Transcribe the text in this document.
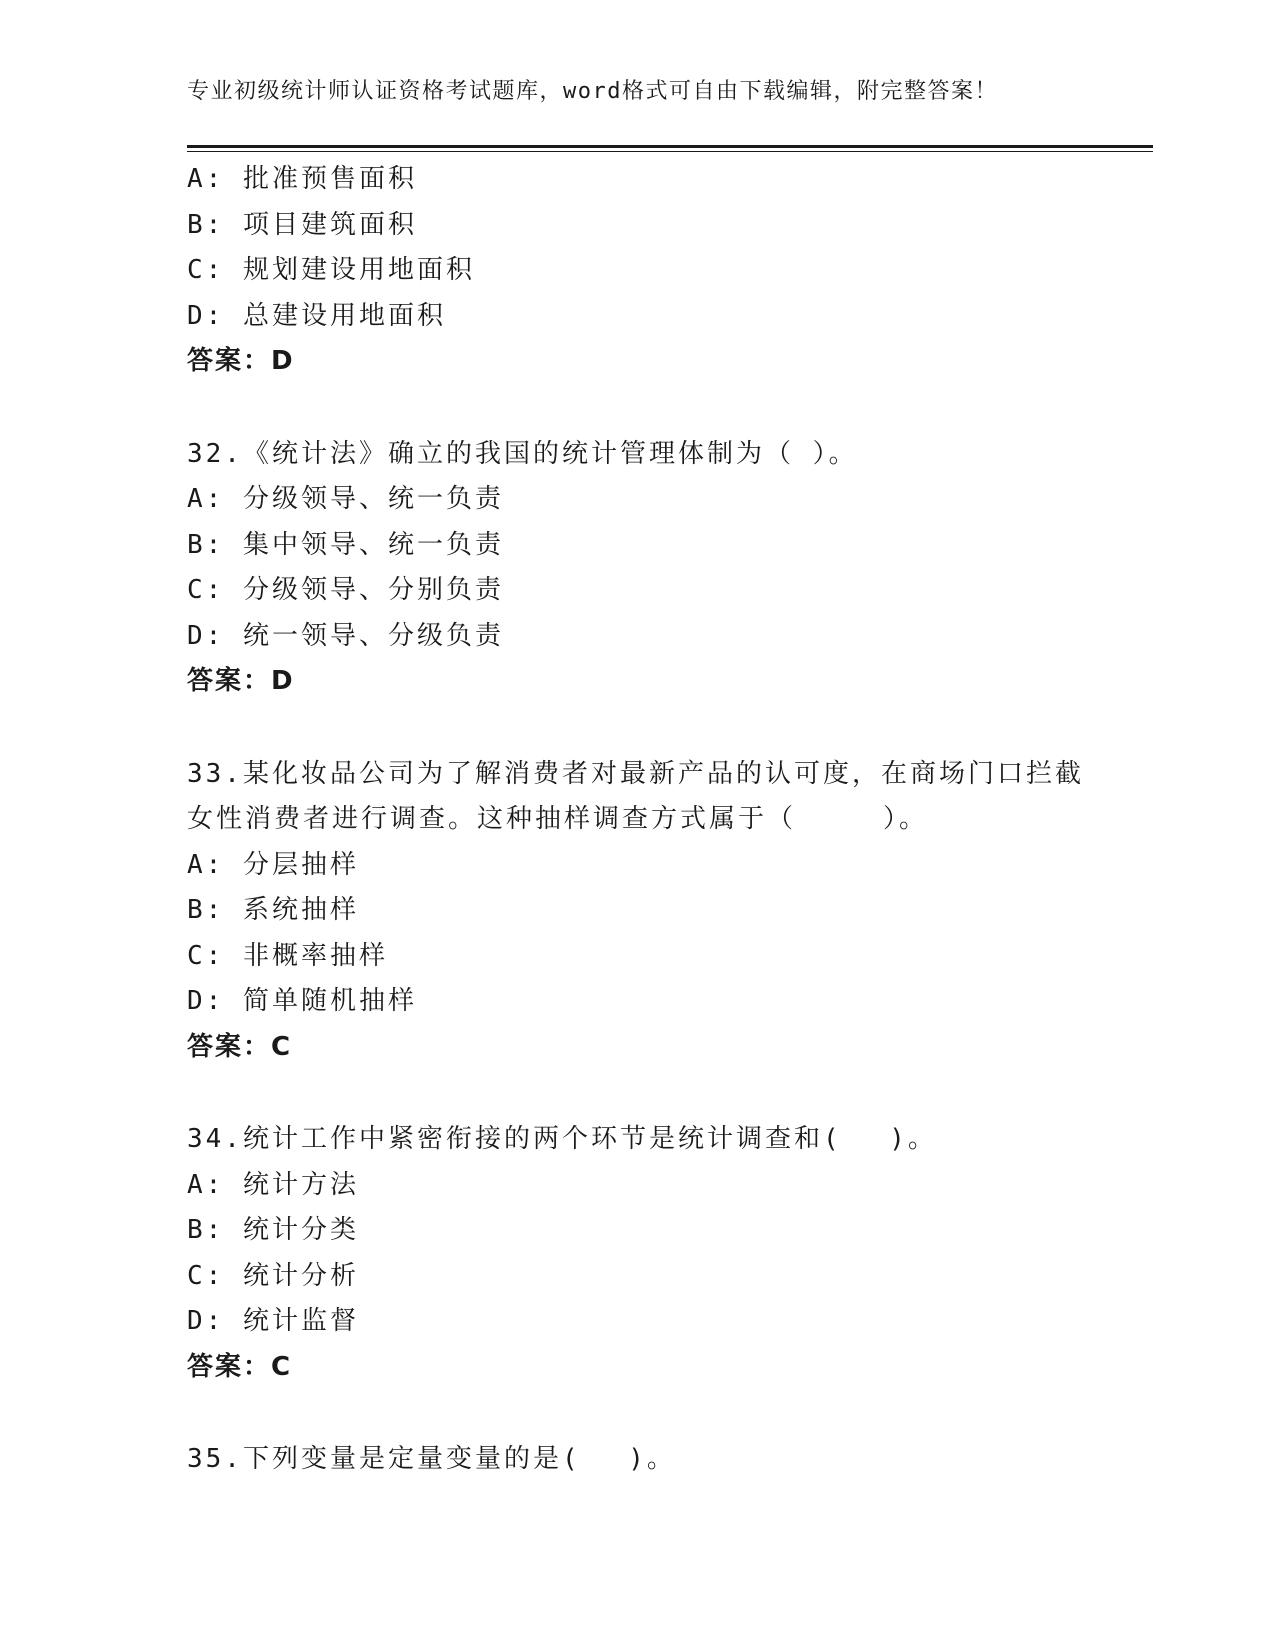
专业初级统计师认证资格考试题库，word格式可自由下载编辑，附完整答案！
A: 批准预售面积
B: 项目建筑面积
C: 规划建设用地面积
D: 总建设用地面积
答案：D
32.《统计法》确立的我国的统计管理体制为（ ）。
A: 分级领导、统一负责
B: 集中领导、统一负责
C: 分级领导、分别负责
D: 统一领导、分级负责
答案：D
33.某化妆品公司为了解消费者对最新产品的认可度，在商场门口拦截
女性消费者进行调查。这种抽样调查方式属于（　　　）。
A: 分层抽样
B: 系统抽样
C: 非概率抽样
D: 简单随机抽样
答案：C
34.统计工作中紧密衔接的两个环节是统计调查和(　 )。
A: 统计方法
B: 统计分类
C: 统计分析
D: 统计监督
答案：C
35.下列变量是定量变量的是(　 )。
